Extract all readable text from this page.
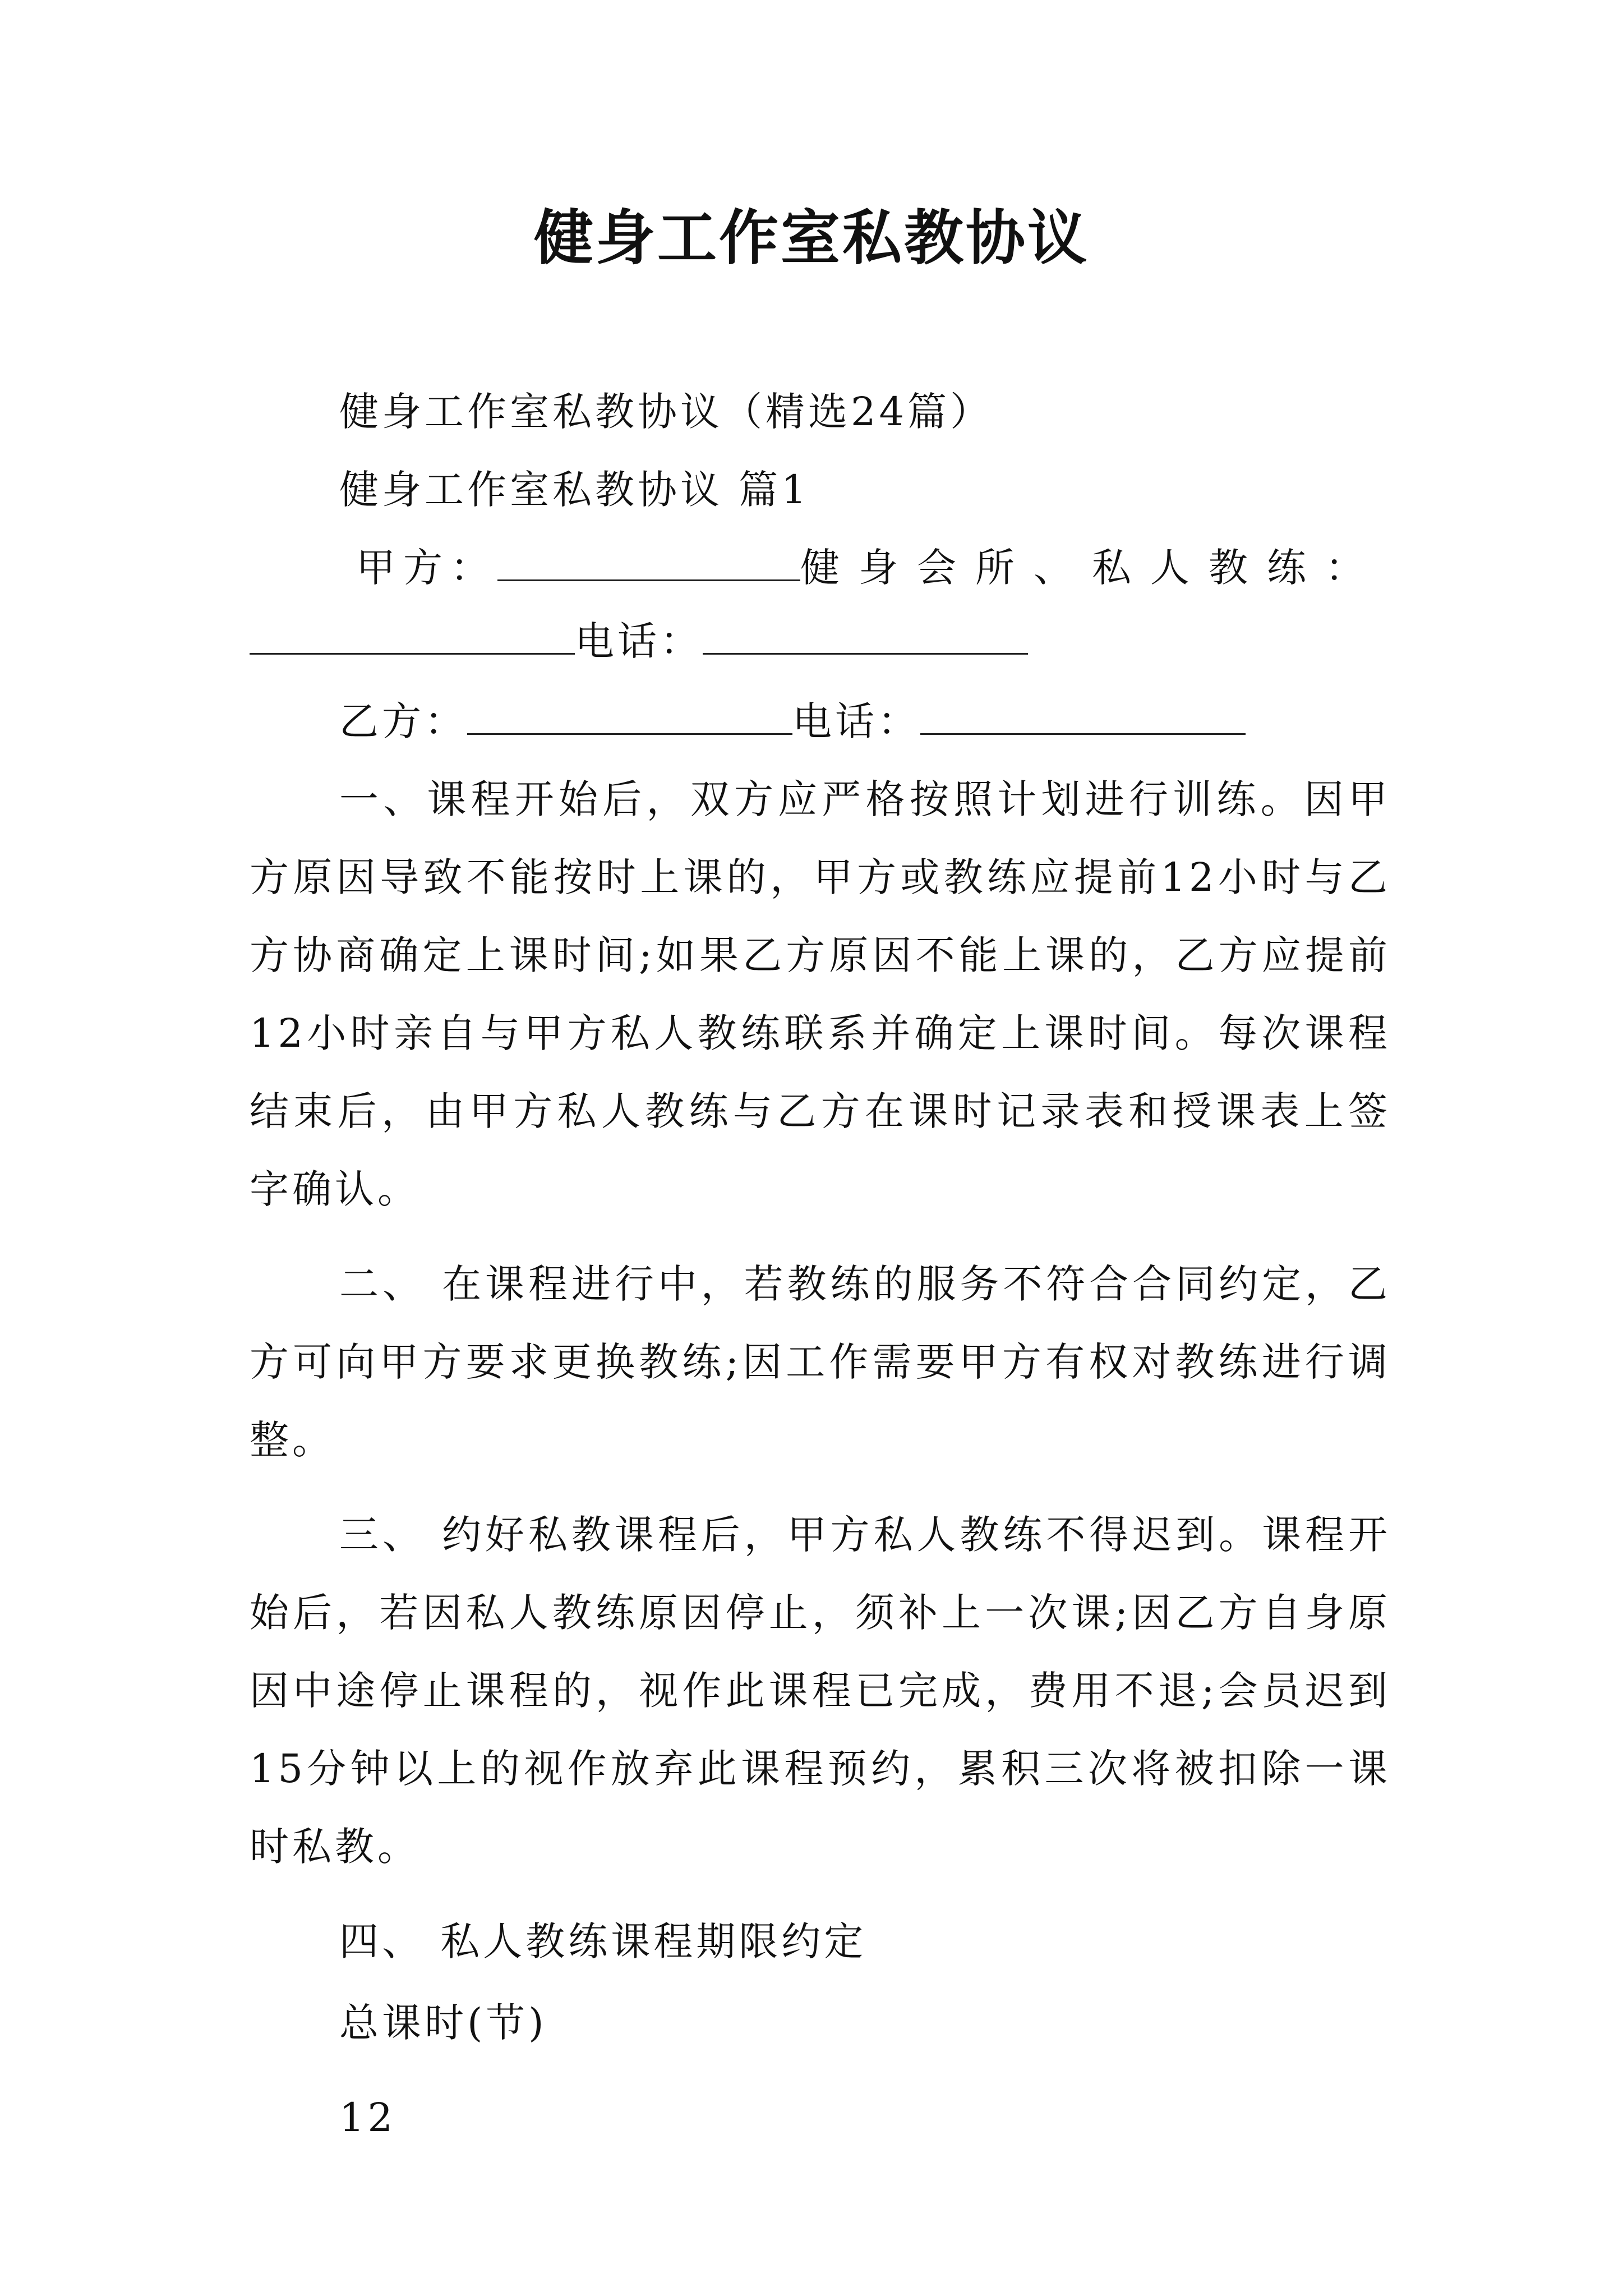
健身工作室私教协议

健身工作室私教协议（精选24篇）

健身工作室私教协议 篇1

甲方：	健身会所、私人教练：

电话：

乙方：	电话：

一、课程开始后，双方应严格按照计划进行训练。因甲方原因导致不能按时上课的，甲方或教练应提前12小时与乙方协商确定上课时间;如果乙方原因不能上课的，乙方应提前12小时亲自与甲方私人教练联系并确定上课时间。每次课程结束后，由甲方私人教练与乙方在课时记录表和授课表上签字确认。

二、 在课程进行中，若教练的服务不符合合同约定，乙方可向甲方要求更换教练;因工作需要甲方有权对教练进行调整。

三、 约好私教课程后，甲方私人教练不得迟到。课程开始后，若因私人教练原因停止，须补上一次课;因乙方自身原因中途停止课程的，视作此课程已完成，费用不退;会员迟到15分钟以上的视作放弃此课程预约，累积三次将被扣除一课时私教。

四、 私人教练课程期限约定

总课时(节)

12
